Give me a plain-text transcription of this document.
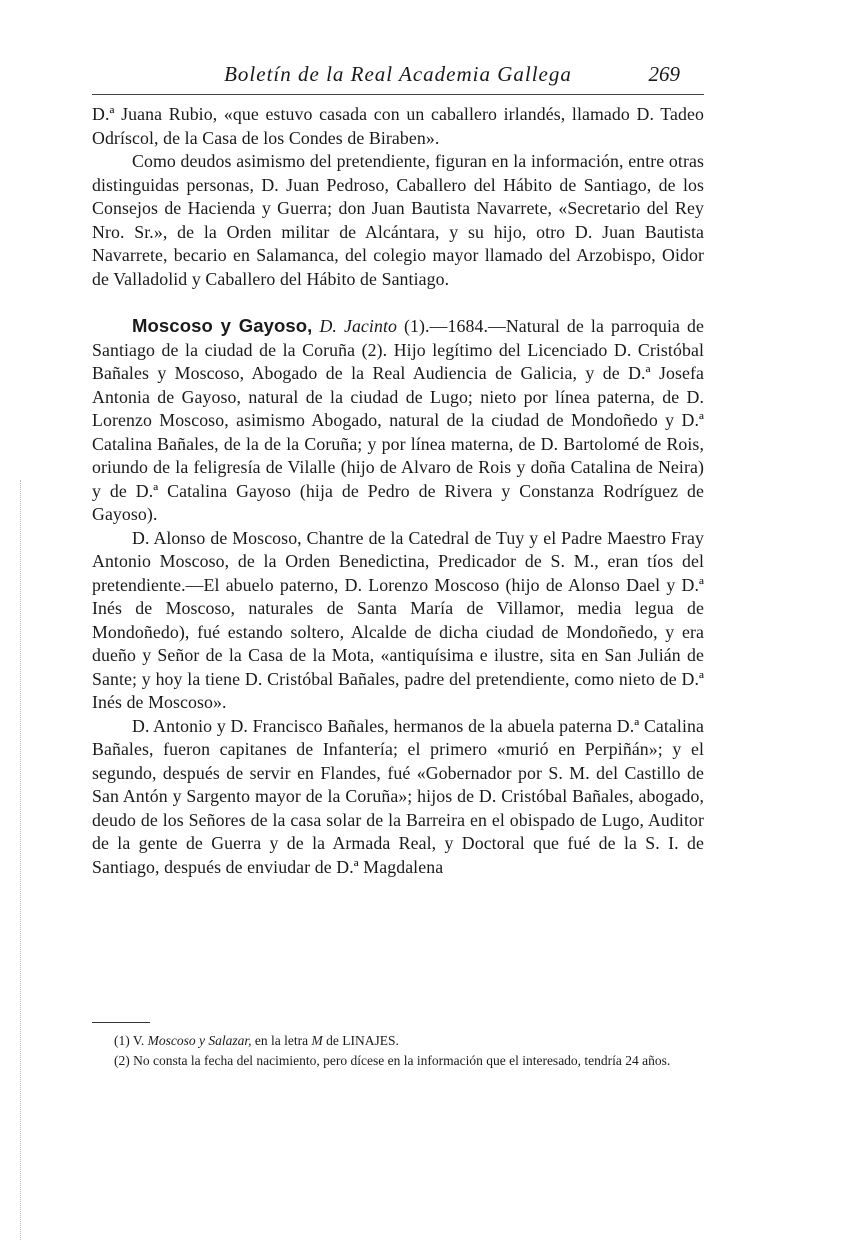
Boletín de la Real Academia Gallega	269

D.ª Juana Rubio, «que estuvo casada con un caballero irlandés, llamado D. Tadeo Odríscol, de la Casa de los Condes de Biraben».

Como deudos asimismo del pretendiente, figuran en la información, entre otras distinguidas personas, D. Juan Pedroso, Caballero del Hábito de Santiago, de los Consejos de Hacienda y Guerra; don Juan Bautista Navarrete, «Secretario del Rey Nro. Sr.», de la Orden militar de Alcántara, y su hijo, otro D. Juan Bautista Navarrete, becario en Salamanca, del colegio mayor llamado del Arzobispo, Oidor de Valladolid y Caballero del Hábito de Santiago.

Moscoso y Gayoso, D. Jacinto (1).—1684.—Natural de la parroquia de Santiago de la ciudad de la Coruña (2). Hijo legítimo del Licenciado D. Cristóbal Bañales y Moscoso, Abogado de la Real Audiencia de Galicia, y de D.ª Josefa Antonia de Gayoso, natural de la ciudad de Lugo; nieto por línea paterna, de D. Lorenzo Moscoso, asimismo Abogado, natural de la ciudad de Mondoñedo y D.ª Catalina Bañales, de la de la Coruña; y por línea materna, de D. Bartolomé de Rois, oriundo de la feligresía de Vilalle (hijo de Alvaro de Rois y doña Catalina de Neira) y de D.ª Catalina Gayoso (hija de Pedro de Rivera y Constanza Rodríguez de Gayoso).

D. Alonso de Moscoso, Chantre de la Catedral de Tuy y el Padre Maestro Fray Antonio Moscoso, de la Orden Benedictina, Predicador de S. M., eran tíos del pretendiente.—El abuelo paterno, D. Lorenzo Moscoso (hijo de Alonso Dael y D.ª Inés de Moscoso, naturales de Santa María de Villamor, media legua de Mondoñedo), fué estando soltero, Alcalde de dicha ciudad de Mondoñedo, y era dueño y Señor de la Casa de la Mota, «antiquísima e ilustre, sita en San Julián de Sante; y hoy la tiene D. Cristóbal Bañales, padre del pretendiente, como nieto de D.ª Inés de Moscoso».

D. Antonio y D. Francisco Bañales, hermanos de la abuela paterna D.ª Catalina Bañales, fueron capitanes de Infantería; el primero «murió en Perpiñán»; y el segundo, después de servir en Flandes, fué «Gobernador por S. M. del Castillo de San Antón y Sargento mayor de la Coruña»; hijos de D. Cristóbal Bañales, abogado, deudo de los Señores de la casa solar de la Barreira en el obispado de Lugo, Auditor de la gente de Guerra y de la Armada Real, y Doctoral que fué de la S. I. de Santiago, después de enviudar de D.ª Magdalena

(1) V. Moscoso y Salazar, en la letra M de LINAJES.

(2) No consta la fecha del nacimiento, pero dícese en la información que el interesado, tendría 24 años.
